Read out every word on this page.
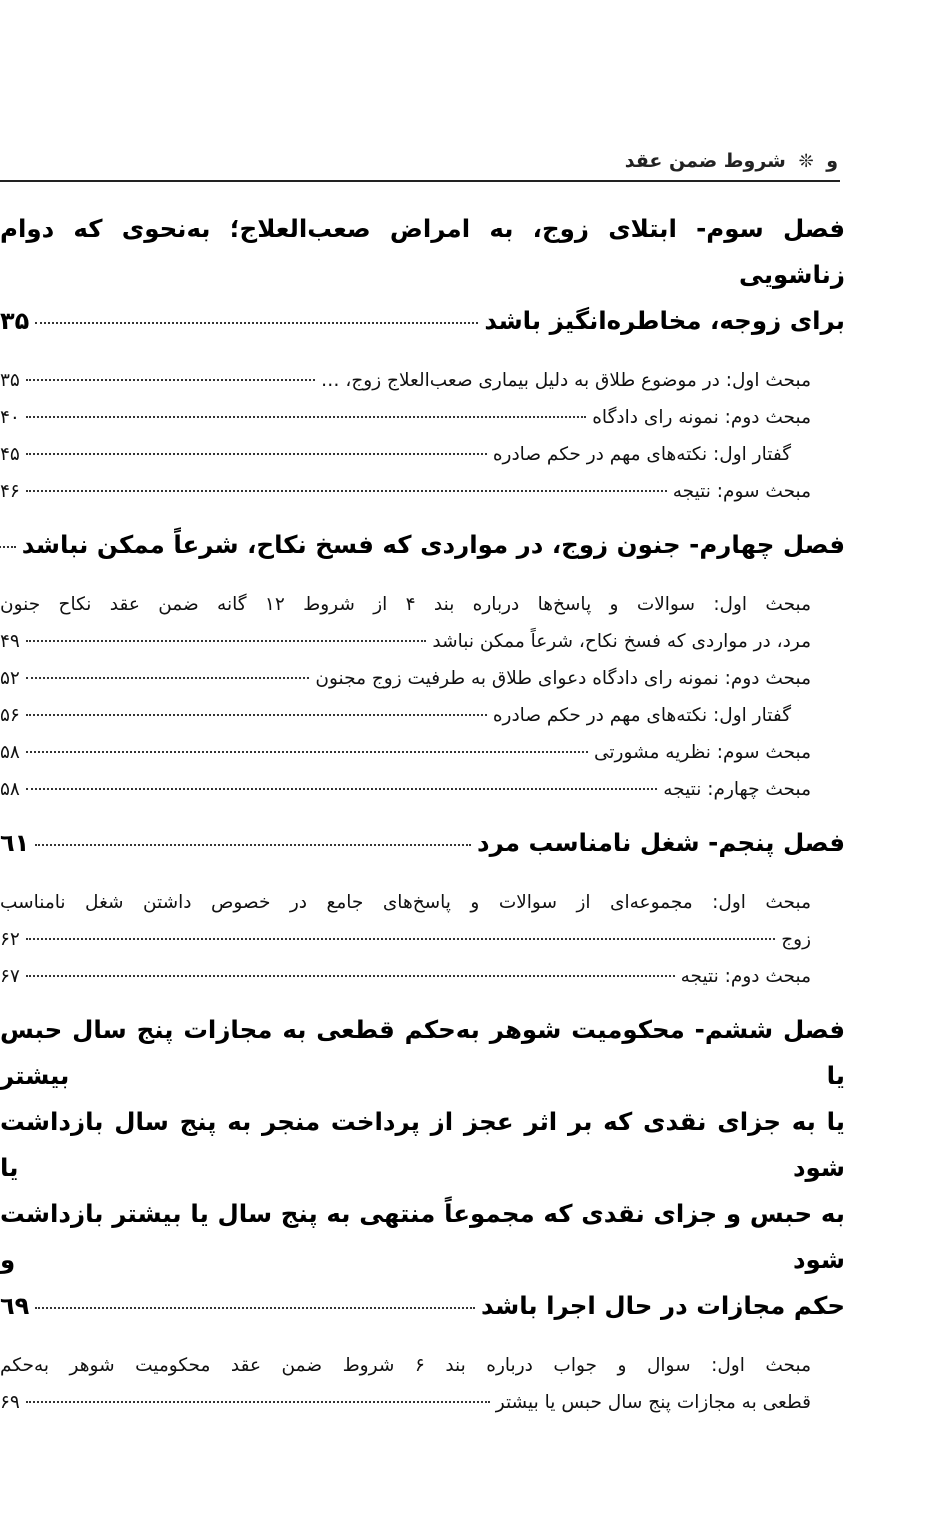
و ❊ شروط ضمن عقد
فصل سوم- ابتلای زوج، به امراض صعب‌العلاج؛ به‌نحوی که دوام زناشویی
برای زوجه، مخاطره‌انگیز باشد
۳۵
مبحث اول: در موضوع طلاق به دلیل بیماری صعب‌العلاج زوج، …
۳۵
مبحث دوم: نمونه رای دادگاه
۴۰
گفتار اول: نکته‌های مهم در حکم صادره
۴۵
مبحث سوم: نتیجه
۴۶
فصل چهارم- جنون زوج، در مواردی که فسخ نکاح، شرعاً ممکن نباشد
مبحث اول: سوالات و پاسخ‌ها درباره بند ۴ از شروط ۱۲ گانه ضمن عقد نکاح جنون
مرد، در مواردی که فسخ نکاح، شرعاً ممکن نباشد
۴۹
مبحث دوم: نمونه رای دادگاه دعوای طلاق به طرفیت زوج مجنون
۵۲
گفتار اول: نکته‌های مهم در حکم صادره
۵۶
مبحث سوم: نظریه مشورتی
۵۸
مبحث چهارم: نتیجه
۵۸
فصل پنجم- شغل نامناسب مرد
٦١
مبحث اول: مجموعه‌ای از سوالات و پاسخ‌های جامع در خصوص داشتن شغل نامناسب
زوج
۶۲
مبحث دوم: نتیجه
۶۷
فصل ششم- محکومیت شوهر به‌حکم قطعی به مجازات پنج سال حبس یا بیشتر
یا به جزای نقدی که بر اثر عجز از پرداخت منجر به پنج سال بازداشت شود یا
به حبس و جزای نقدی که مجموعاً منتهی به پنج سال یا بیشتر بازداشت شود و
حکم مجازات در حال اجرا باشد
٦٩
مبحث اول: سوال و جواب درباره بند ۶ شروط ضمن عقد محکومیت شوهر به‌حکم
قطعی به مجازات پنج سال حبس یا بیشتر
۶۹
